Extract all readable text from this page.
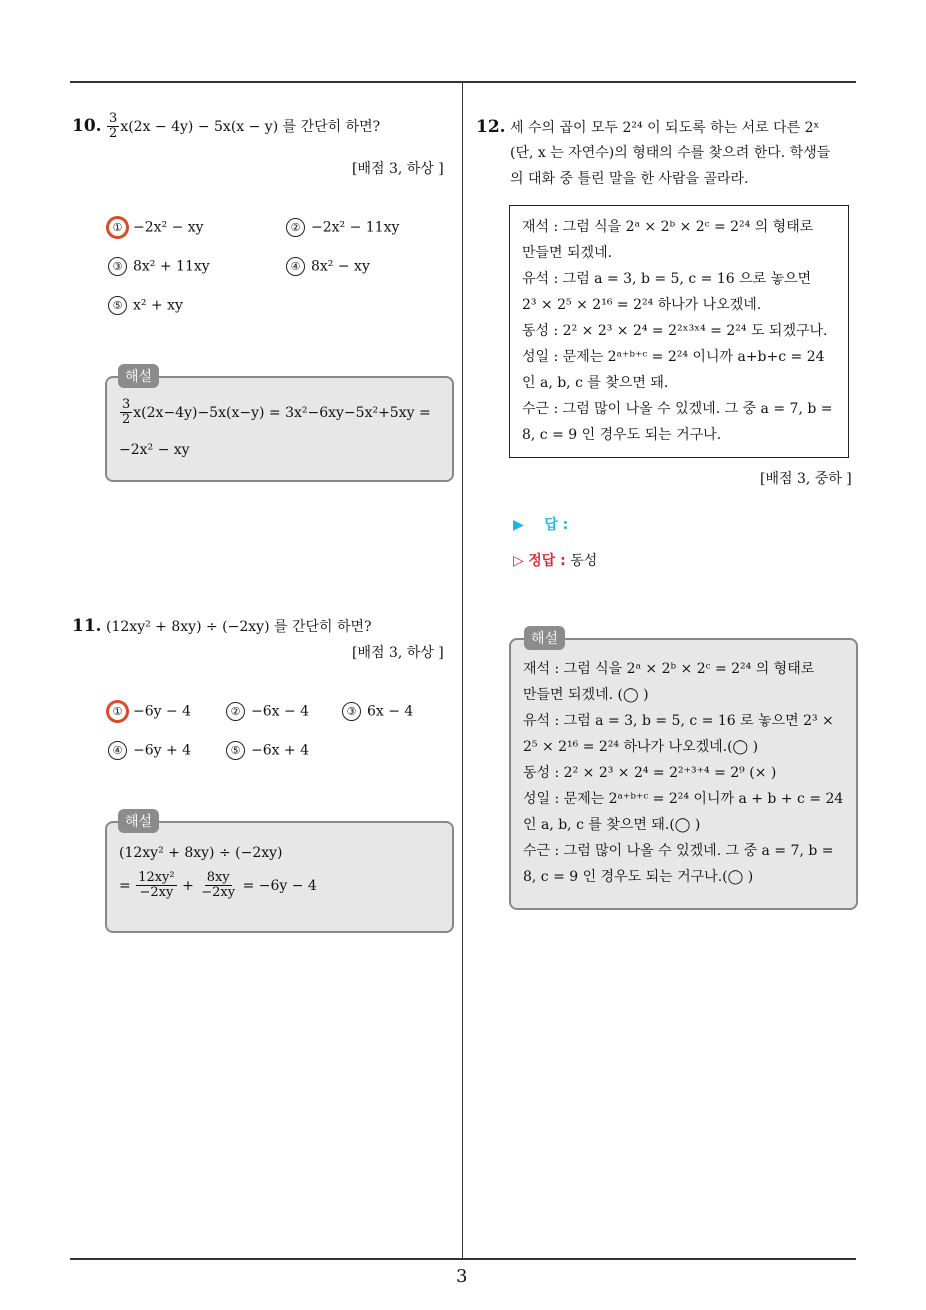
10. $\frac{3}{2} x(2x - 4y) - 5x(x - y)$ 를 간단히 하면?
[배점 3, 하상 ]
① −2x² − xy	② −2x² − 11xy
③ 8x² + 11xy	④ 8x² − xy
⑤ x² + xy
$\frac{3}{2} x(2x-4y)-5x(x-y) = 3x^2-6xy-5x^2+5xy$ =
−2x² − xy
해설
11. (12xy² + 8xy) ÷ (−2xy) 를 간단히 하면?
[배점 3, 하상 ]
① −6y − 4	② −6x − 4	③ 6x − 4
④ −6y + 4	⑤ −6x + 4
(12xy² + 8xy) ÷ (−2xy)
= $\frac{\text{12xy²}}{-2xy} + \frac{8xy}{-2xy} = -6y - 4$
해설
12. 세 수의 곱이 모두 2²⁴ 이 되도록 하는 서로 다른 2ˣ
(단, x 는 자연수)의 형태의 수를 찾으려 한다. 학생들
의 대화 중 틀린 말을 한 사람을 골라라.
재석 : 그럼 식을 2ᵃ × 2ᵇ × 2ᶜ = 2²⁴ 의 형태로
만들면 되겠네.
유석 : 그럼 a = 3, b = 5, c = 16 으로 놓으면
2³ × 2⁵ × 2¹⁶ = 2²⁴ 하나가 나오겠네.
동성 : 2² × 2³ × 2⁴ = 2²ˣ³ˣ⁴ = 2²⁴ 도 되겠구나.
성일 : 문제는 2ᵃ⁺ᵇ⁺ᶜ = 2²⁴ 이니까 a+b+c = 24
인 a, b, c 를 찾으면 돼.
수근 : 그럼 많이 나올 수 있겠네. 그 중 a = 7, b =
8, c = 9 인 경우도 되는 거구나.
[배점 3, 중하 ]
▶ 답 :
▷ 정답 : 동성
재석 : 그럼 식을 2ᵃ × 2ᵇ × 2ᶜ = 2²⁴ 의 형태로
만들면 되겠네. (◯ )
유석 : 그럼 a = 3, b = 5, c = 16 로 놓으면 2³ ×
2⁵ × 2¹⁶ = 2²⁴ 하나가 나오겠네.(◯ )
동성 : 2² × 2³ × 2⁴ = 2²⁺³⁺⁴ = 2⁹ (× )
성일 : 문제는 2ᵃ⁺ᵇ⁺ᶜ = 2²⁴ 이니까 a + b + c = 24
인 a, b, c 를 찾으면 돼.(◯ )
수근 : 그럼 많이 나올 수 있겠네. 그 중 a = 7, b =
8, c = 9 인 경우도 되는 거구나.(◯ )
해설
3
